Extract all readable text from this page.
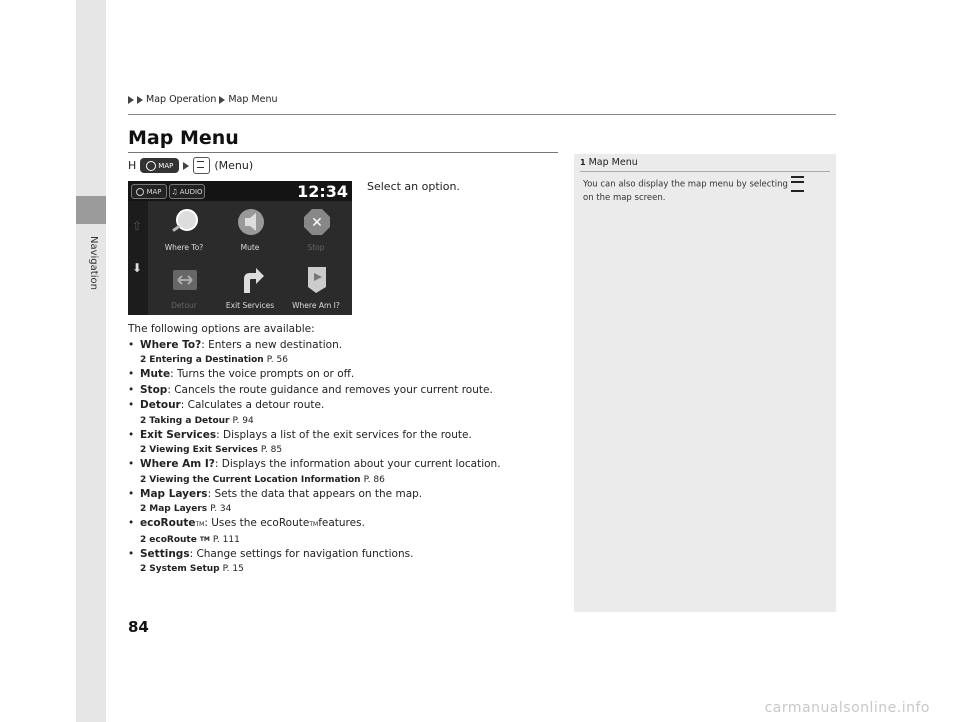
Navigation
Map Operation Map Menu
Map Menu
H	MAP	(Menu)
MAP ♫ AUDIO	12:34
⇧
⬇
Where To?	Mute
✕
Stop
Detour	Exit Services	Where Am I?
Select an option.
The following options are available:
• Where To? : Enters a new destination.
2 Entering a Destination P. 56
• Mute : Turns the voice prompts on or off.
• Stop : Cancels the route guidance and removes your current route.
• Detour : Calculates a detour route.
2 Taking a Detour P. 94
• Exit Services : Displays a list of the exit services for the route.
2 Viewing Exit Services P. 85
• Where Am I? : Displays the information about your current location.
2 Viewing the Current Location Information P. 86
• Map Layers : Sets the data that appears on the map.
2 Map Layers P. 34
• ecoRoute TM : Uses the ecoRoute TM features.
2 ecoRoute TM P. 111
• Settings : Change settings for navigation functions.
2 System Setup P. 15
1 Map Menu
You can also display the map menu by selecting  on the map screen.
84
carmanualsonline.info
